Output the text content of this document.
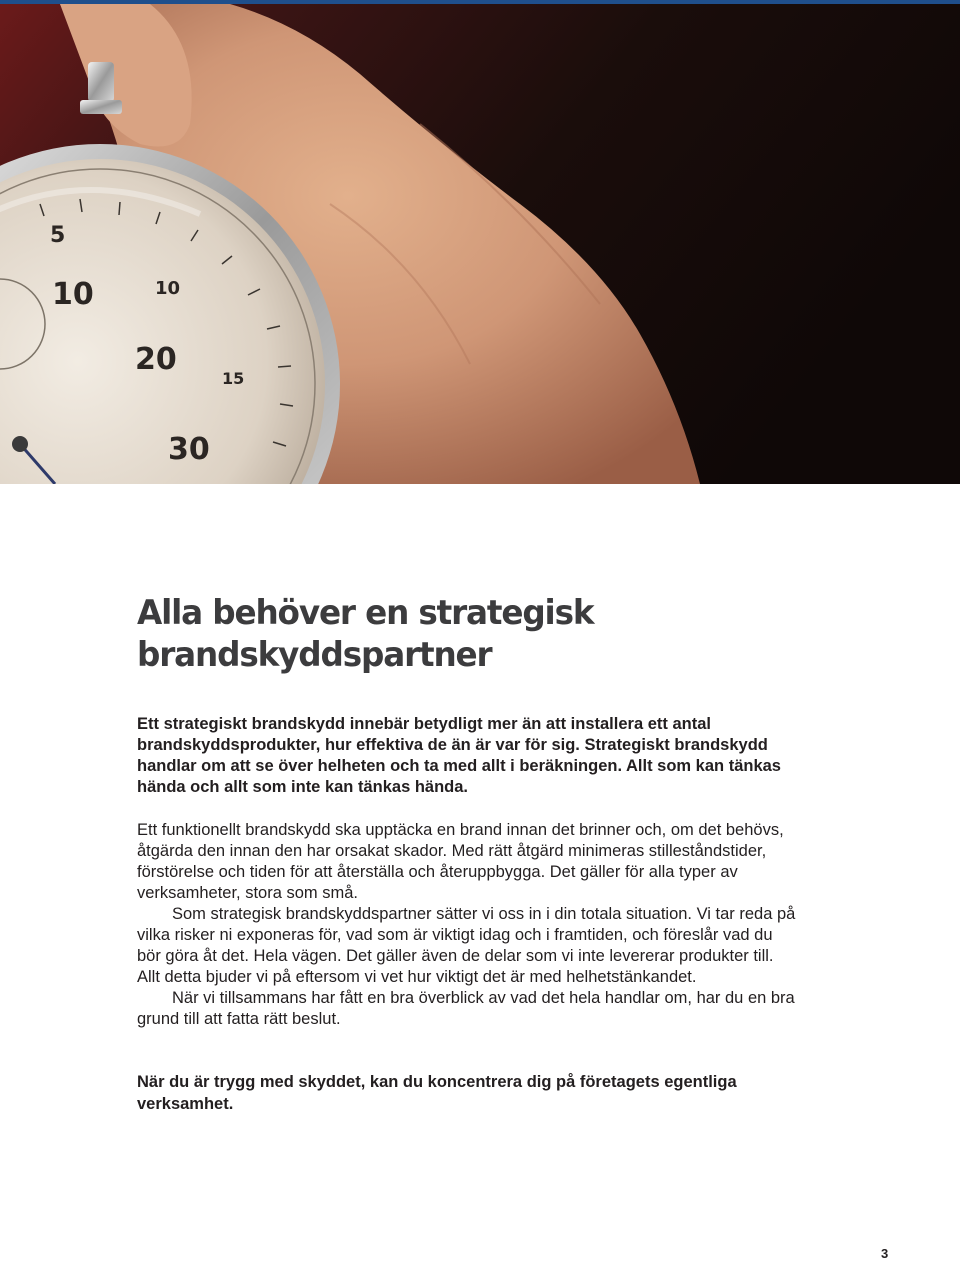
5
10
20
30
10
15
Alla behöver en strategisk
brandskyddspartner

Ett strategiskt brandskydd innebär betydligt mer än att installera ett antal brandskyddsprodukter, hur effektiva de än är var för sig. Strategiskt brandskydd handlar om att se över helheten och ta med allt i beräkningen. Allt som kan tänkas hända och allt som inte kan tänkas hända.

Ett funktionellt brandskydd ska upptäcka en brand innan det brinner och, om det behövs, åtgärda den innan den har orsakat skador. Med rätt åtgärd minimeras stilleståndstider, förstörelse och tiden för att återställa och återuppbygga. Det gäller för alla typer av verksamheter, stora som små.

Som strategisk brandskyddspartner sätter vi oss in i din totala situation. Vi tar reda på vilka risker ni exponeras för, vad som är viktigt idag och i framtiden, och föreslår vad du bör göra åt det. Hela vägen. Det gäller även de delar som vi inte levererar produkter till. Allt detta bjuder vi på eftersom vi vet hur viktigt det är med helhetstänkandet.

När vi tillsammans har fått en bra överblick av vad det hela handlar om, har du en bra grund till att fatta rätt beslut.

När du är trygg med skyddet, kan du koncentrera dig på företagets egentliga verksamhet.

3
